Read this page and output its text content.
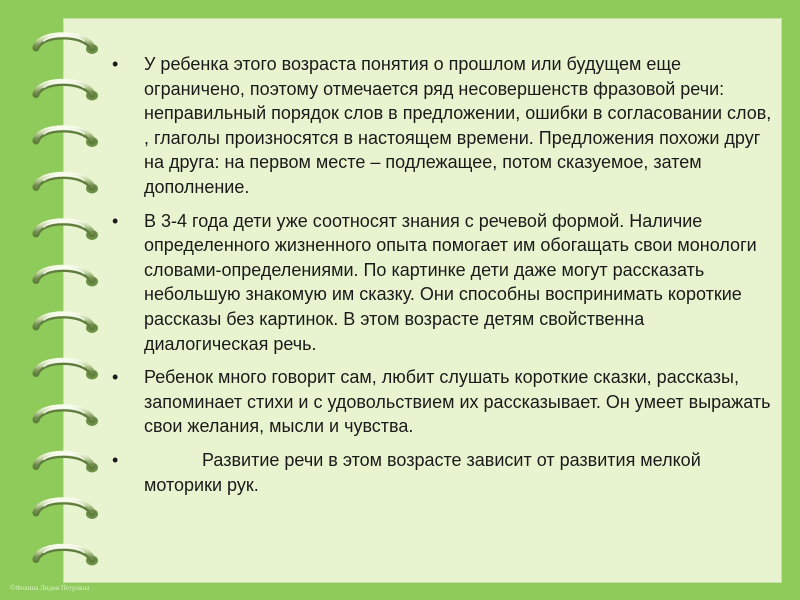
•	У ребенка этого возраста понятия о прошлом или будущем еще ограничено, поэтому отмечается ряд несовершенств фразовой речи: неправильный порядок слов в предложении, ошибки в согласовании слов, , глаголы произносятся в настоящем времени. Предложения похожи друг на друга: на первом месте – подлежащее, потом сказуемое, затем дополнение.
•	В 3-4 года дети уже соотносят знания с речевой формой. Наличие определенного жизненного опыта помогает им обогащать свои монологи словами-определениями. По картинке дети даже могут рассказать небольшую знакомую им сказку. Они способны воспринимать короткие рассказы без картинок. В этом возрасте детям свойственна диалогическая речь.
•	Ребенок много говорит сам, любит слушать короткие сказки, рассказы, запоминает стихи и с удовольствием их рассказывает. Он умеет выражать свои желания, мысли и чувства.
•	Развитие речи в этом возрасте зависит от развития мелкой моторики рук.
©Фокина Лидия Петровна
